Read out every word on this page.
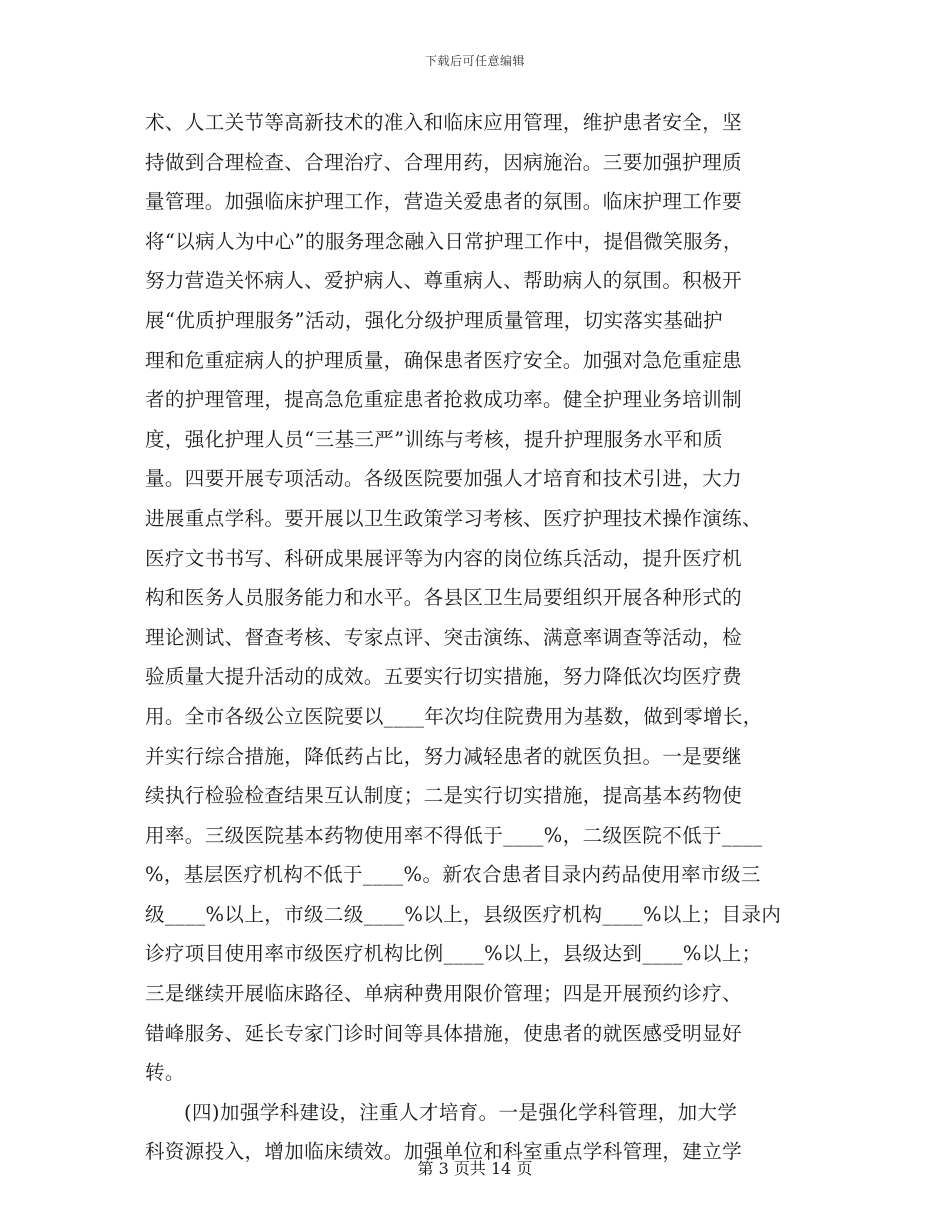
下载后可任意编辑
术、人工关节等高新技术的准入和临床应用管理，维护患者安全，坚
持做到合理检查、合理治疗、合理用药，因病施治。三要加强护理质
量管理。加强临床护理工作，营造关爱患者的氛围。临床护理工作要
将“以病人为中心”的服务理念融入日常护理工作中，提倡微笑服务，
努力营造关怀病人、爱护病人、尊重病人、帮助病人的氛围。积极开
展“优质护理服务”活动，强化分级护理质量管理，切实落实基础护
理和危重症病人的护理质量，确保患者医疗安全。加强对急危重症患
者的护理管理，提高急危重症患者抢救成功率。健全护理业务培训制
度，强化护理人员“三基三严”训练与考核，提升护理服务水平和质
量。四要开展专项活动。各级医院要加强人才培育和技术引进，大力
进展重点学科。要开展以卫生政策学习考核、医疗护理技术操作演练、
医疗文书书写、科研成果展评等为内容的岗位练兵活动，提升医疗机
构和医务人员服务能力和水平。各县区卫生局要组织开展各种形式的
理论测试、督查考核、专家点评、突击演练、满意率调查等活动，检
验质量大提升活动的成效。五要实行切实措施，努力降低次均医疗费
用。全市各级公立医院要以____年次均住院费用为基数，做到零增长，
并实行综合措施，降低药占比，努力减轻患者的就医负担。一是要继
续执行检验检查结果互认制度；二是实行切实措施，提高基本药物使
用率。三级医院基本药物使用率不得低于____%，二级医院不低于____
%，基层医疗机构不低于____%。新农合患者目录内药品使用率市级三
级____%以上，市级二级____%以上，县级医疗机构____%以上；目录内
诊疗项目使用率市级医疗机构比例____%以上，县级达到____%以上；
三是继续开展临床路径、单病种费用限价管理；四是开展预约诊疗、
错峰服务、延长专家门诊时间等具体措施，使患者的就医感受明显好
转。
(四)加强学科建设，注重人才培育。一是强化学科管理，加大学
科资源投入，增加临床绩效。加强单位和科室重点学科管理，建立学
第 3 页共 14 页
